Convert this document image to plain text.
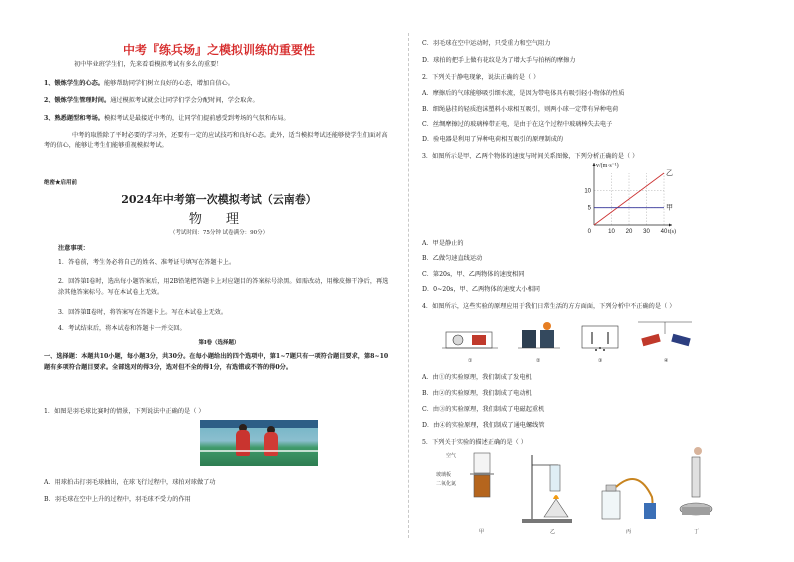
中考『练兵场』之模拟训练的重要性
初中毕业班学生们，先来看看模拟考试有多么的重要！
1、锻炼学生的心态。能够帮助同学们树立良好的心态，增加自信心。
2、锻炼学生管理时间。通过模拟考试就会让同学们学会分配时间，学会取舍。
3、熟悉题型和考场。模拟考试是最接近中考的，让同学们提前感受到考场的气氛和布局。
中考的取胜除了平时必要的学习外，还要有一定的应试技巧和良好心态。此外，适当模拟考试还能够使学生们面对高考的信心，能够让考生们能够重视模拟考试。
绝密★启用前
2024年中考第一次模拟考试（云南卷）
物 理
（考试时间：75分钟 试卷满分：90分）
注意事项：
1．答卷前，考生务必将自己的姓名、准考证号填写在答题卡上。
2．回答第Ⅰ卷时，选出每小题答案后，用2B铅笔把答题卡上对应题目的答案标号涂黑。如需改动，用橡皮擦干净后，再选涂其他答案标号。写在本试卷上无效。
3．回答第Ⅱ卷时，将答案写在答题卡上。写在本试卷上无效。
4．考试结束后，将本试卷和答题卡一并交回。
第Ⅰ卷（选择题）
一、选择题：本题共10小题，每小题3分，共30分。在每小题给出的四个选项中，第1~7题只有一项符合题目要求，第8~10题有多项符合题目要求。全部选对的得3分，选对但不全的得1分，有选错或不答的得0分。
1．如图是羽毛球比赛时的情景，下列说法中正确的是（ ）
A．用球拍击打羽毛球抽出，在球飞行过程中，球拍对球做了功
B．羽毛球在空中上升的过程中，羽毛球不受力的作用
C．羽毛球在空中运动时，只受重力和空气阻力
D．球拍的把手上做有花纹是为了增大手与拍柄的摩擦力
2．下列关于静电现象，说法正确的是（ ）
A．摩擦后的气球能够吸引细水流，是因为带电体具有吸引轻小物体的性质
B．细绳悬挂的轻质泡沫塑料小球相互吸引，则两小球一定带有异种电荷
C．丝绸摩擦过的玻璃棒带正电，是由于在这个过程中玻璃棒失去电子
D．验电器是利用了异种电荷相互吸引的原理制成的
3．如图所示是甲、乙两个物体的速度与时间关系图像，下列分析正确的是（ ）
5
10
10 20 30 40
0
v/(m·s⁻¹)
t(s)
乙
甲
A．甲是静止的
B．乙做匀速直线运动
C．第20s，甲、乙两物体的速度相同
D．0~20s，甲、乙两物体的速度大小相同
4．如图所示，这些实验的原理应用于我们日常生活的方方面面，下列分析中不正确的是（ ）
①	②	③	④
A．由①的实验原理，我们制成了发电机
B．由②的实验原理，我们制成了电动机
C．由③的实验原理，我们制成了电磁起重机
D．由④的实验原理，我们制成了通电螺线管
5．下列关于实验的描述正确的是（ ）
空气
玻璃板
二氧化氮
甲	乙	丙	丁
